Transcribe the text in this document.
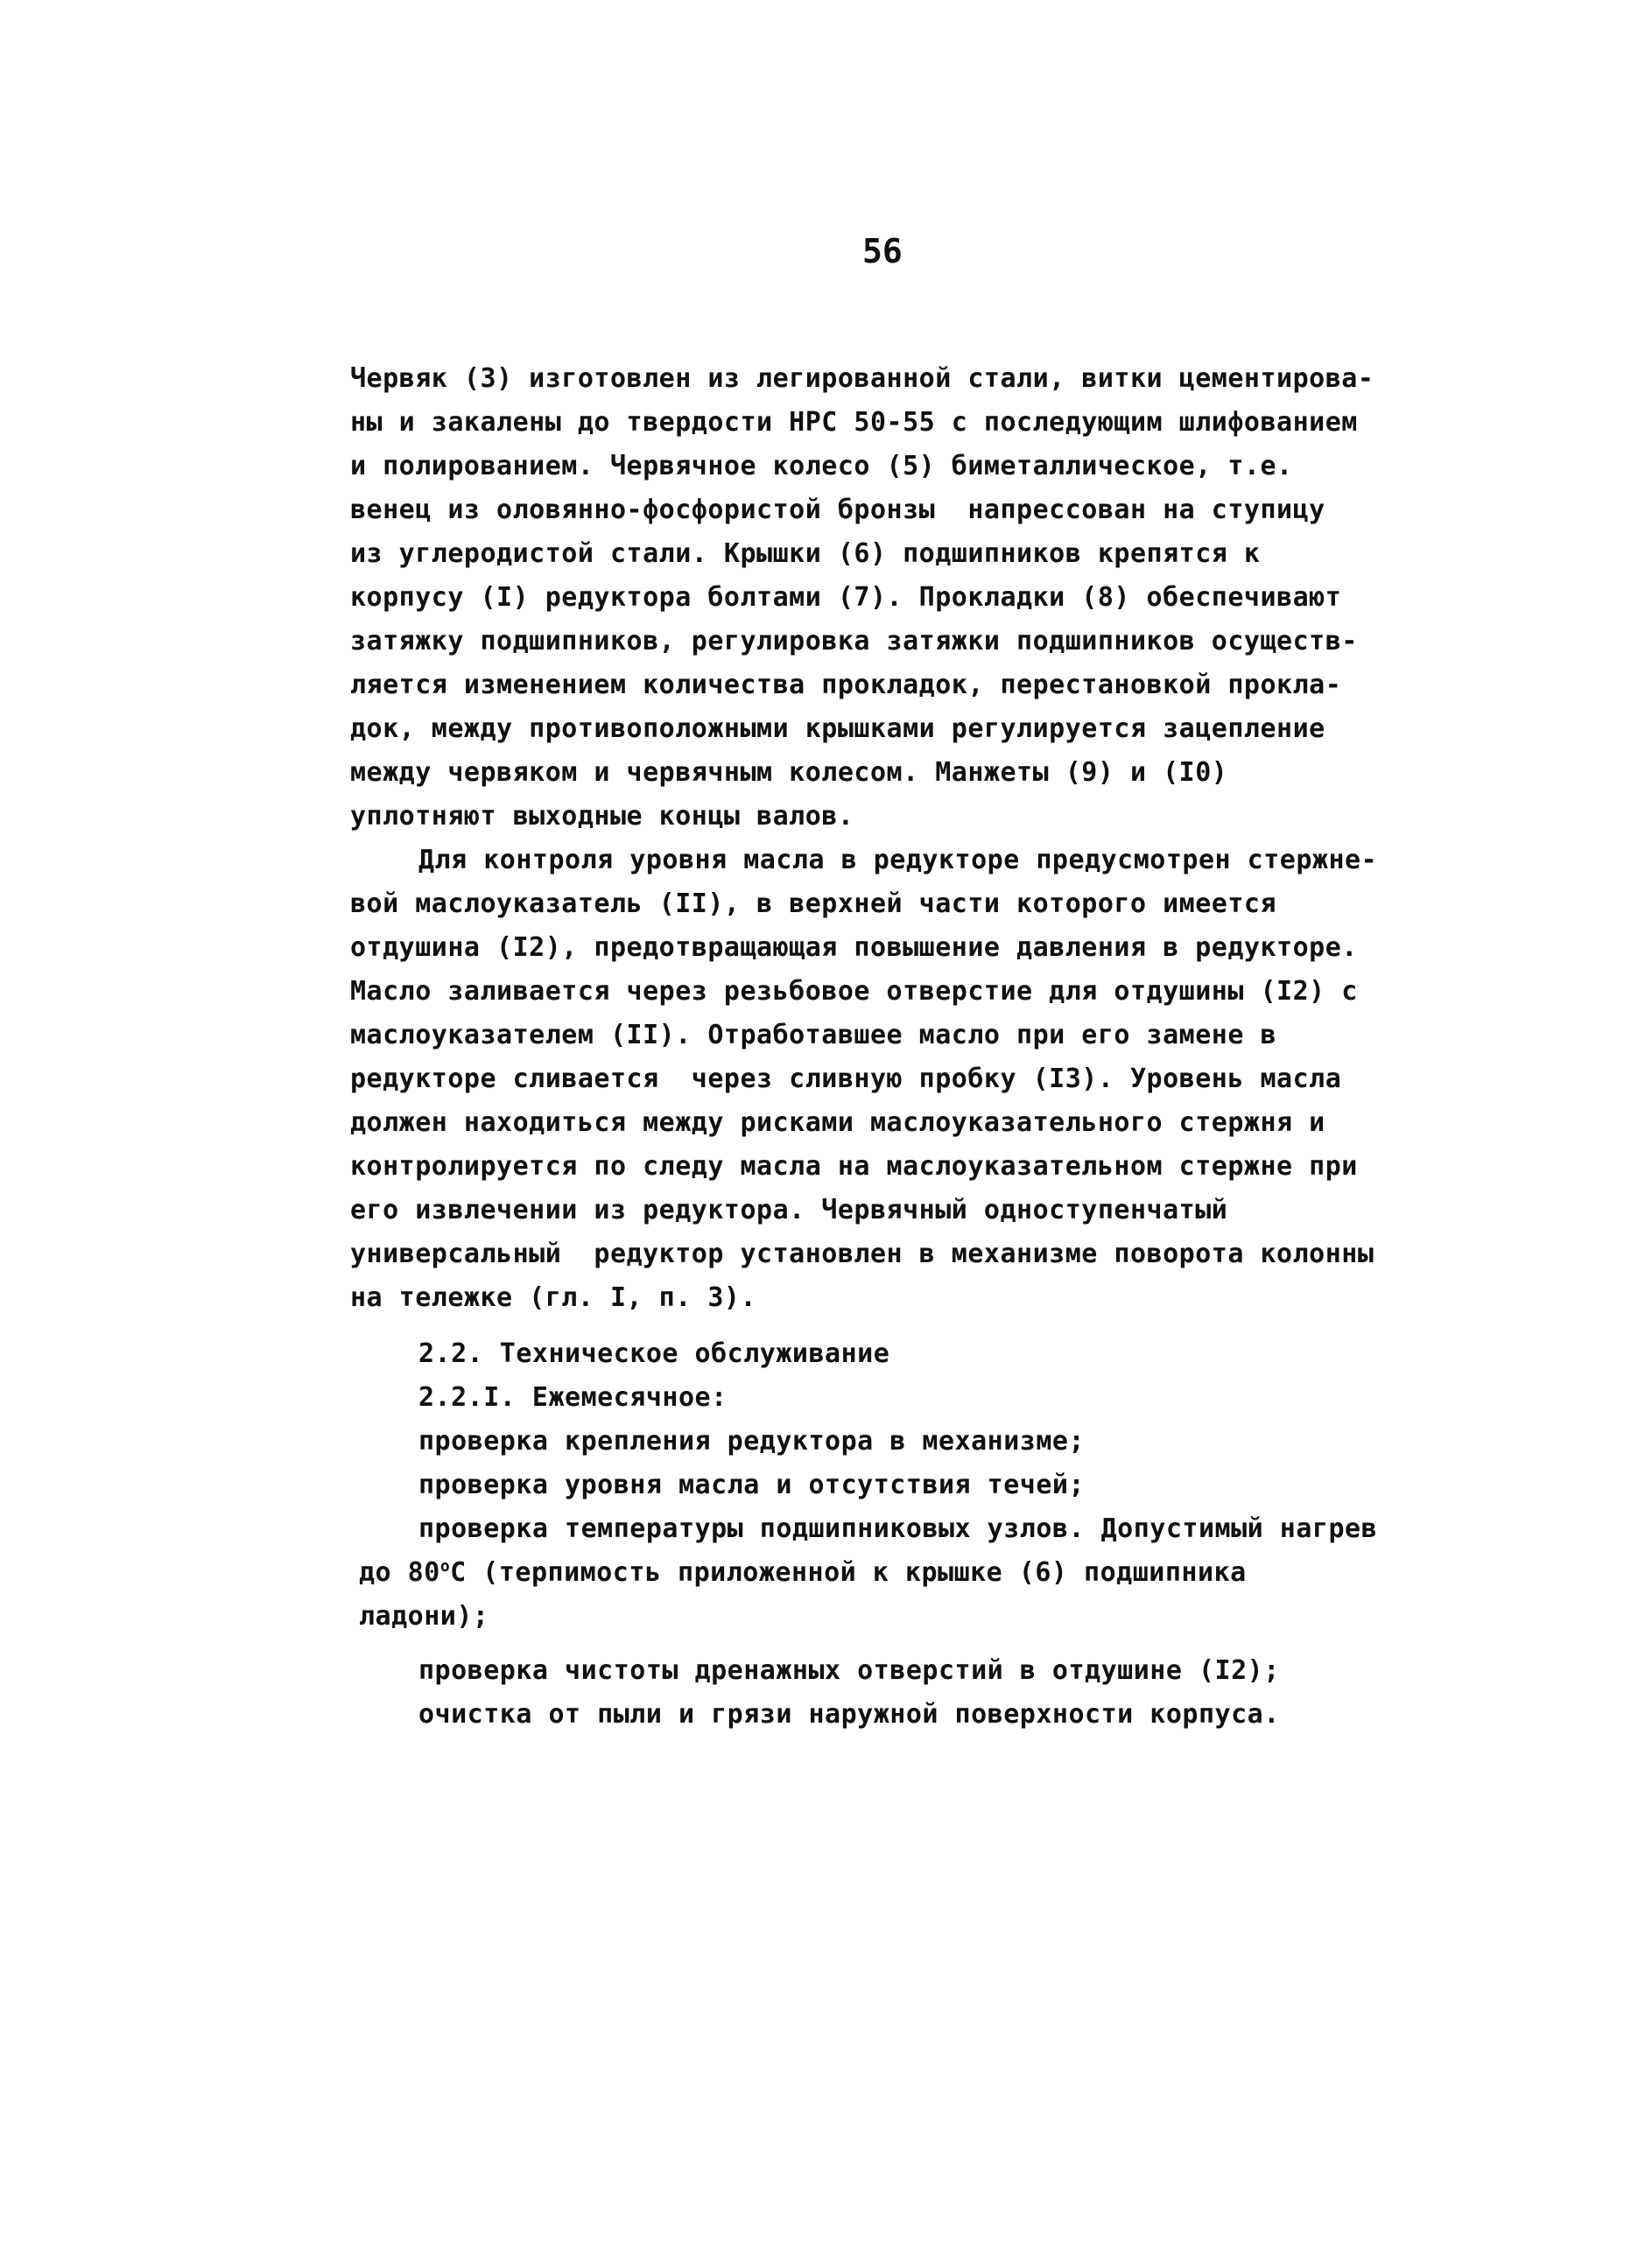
56
Червяк (3) изготовлен из легированной стали, витки цементирова-
ны и закалены до твердости НРС 50-55 с последующим шлифованием
и полированием. Червячное колесо (5) биметаллическое, т.е.
венец из оловянно-фосфористой бронзы  напрессован на ступицу
из углеродистой стали. Крышки (6) подшипников крепятся к
корпусу (I) редуктора болтами (7). Прокладки (8) обеспечивают
затяжку подшипников, регулировка затяжки подшипников осуществ-
ляется изменением количества прокладок, перестановкой прокла-
док, между противоположными крышками регулируется зацепление
между червяком и червячным колесом. Манжеты (9) и (I0)
уплотняют выходные концы валов.
Для контроля уровня масла в редукторе предусмотрен стержне-
вой маслоуказатель (II), в верхней части которого имеется
отдушина (I2), предотвращающая повышение давления в редукторе.
Масло заливается через резьбовое отверстие для отдушины (I2) с
маслоуказателем (II). Отработавшее масло при его замене в
редукторе сливается  через сливную пробку (I3). Уровень масла
должен находиться между рисками маслоуказательного стержня и
контролируется по следу масла на маслоуказательном стержне при
его извлечении из редуктора. Червячный одноступенчатый
универсальный  редуктор установлен в механизме поворота колонны
на тележке (гл. I, п. 3).
2.2. Техническое обслуживание
2.2.I. Ежемесячное:
проверка крепления редуктора в механизме;
проверка уровня масла и отсутствия течей;
проверка температуры подшипниковых узлов. Допустимый нагрев
до $80^оС$ (терпимость приложенной к крышке (6) подшипника
ладони);
проверка чистоты дренажных отверстий в отдушине (I2);
очистка от пыли и грязи наружной поверхности корпуса.
